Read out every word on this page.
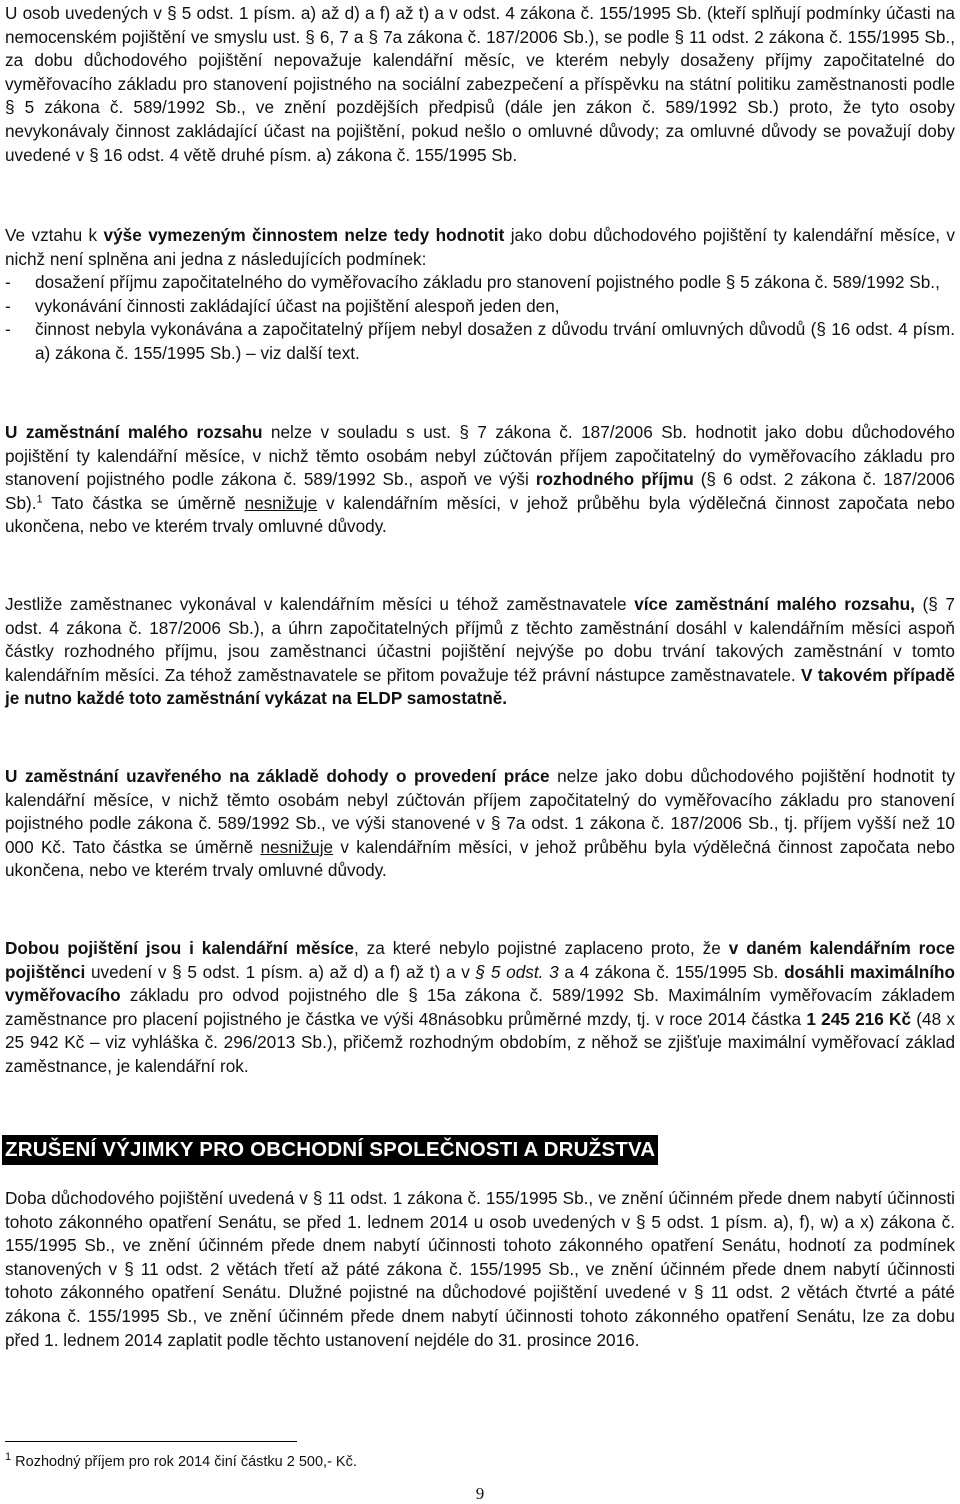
U osob uvedených v § 5 odst. 1 písm. a) až d) a f) až t) a v odst. 4 zákona č. 155/1995 Sb. (kteří splňují podmínky účasti na nemocenském pojištění ve smyslu ust. § 6, 7 a § 7a zákona č. 187/2006 Sb.), se podle § 11 odst. 2 zákona č. 155/1995 Sb., za dobu důchodového pojištění nepovažuje kalendářní měsíc, ve kterém nebyly dosaženy příjmy započitatelné do vyměřovacího základu pro stanovení pojistného na sociální zabezpečení a příspěvku na státní politiku zaměstnanosti podle § 5 zákona č. 589/1992 Sb., ve znění pozdějších předpisů (dále jen zákon č. 589/1992 Sb.) proto, že tyto osoby nevykonávaly činnost zakládající účast na pojištění, pokud nešlo o omluvné důvody; za omluvné důvody se považují doby uvedené v § 16 odst. 4 větě druhé písm. a) zákona č. 155/1995 Sb.

Ve vztahu k výše vymezeným činnostem nelze tedy hodnotit jako dobu důchodového pojištění ty kalendářní měsíce, v nichž není splněna ani jedna z následujících podmínek:
- dosažení příjmu započitatelného do vyměřovacího základu pro stanovení pojistného podle § 5 zákona č. 589/1992 Sb.,
- vykonávání činnosti zakládající účast na pojištění alespoň jeden den,
- činnost nebyla vykonávána a započitatelný příjem nebyl dosažen z důvodu trvání omluvných důvodů (§ 16 odst. 4 písm. a) zákona č. 155/1995 Sb.) – viz další text.

U zaměstnání malého rozsahu nelze v souladu s ust. § 7 zákona č. 187/2006 Sb. hodnotit jako dobu důchodového pojištění ty kalendářní měsíce, v nichž těmto osobám nebyl zúčtován příjem započitatelný do vyměřovacího základu pro stanovení pojistného podle zákona č. 589/1992 Sb., aspoň ve výši rozhodného příjmu (§ 6 odst. 2 zákona č. 187/2006 Sb).$^1$ Tato částka se úměrně nesnižuje v kalendářním měsíci, v jehož průběhu byla výdělečná činnost započata nebo ukončena, nebo ve kterém trvaly omluvné důvody.

Jestliže zaměstnanec vykonával v kalendářním měsíci u téhož zaměstnavatele více zaměstnání malého rozsahu, (§ 7 odst. 4 zákona č. 187/2006 Sb.), a úhrn započitatelných příjmů z těchto zaměstnání dosáhl v kalendářním měsíci aspoň částky rozhodného příjmu, jsou zaměstnanci účastni pojištění nejvýše po dobu trvání takových zaměstnání v tomto kalendářním měsíci. Za téhož zaměstnavatele se přitom považuje též právní nástupce zaměstnavatele. V takovém případě je nutno každé toto zaměstnání vykázat na ELDP samostatně.

U zaměstnání uzavřeného na základě dohody o provedení práce nelze jako dobu důchodového pojištění hodnotit ty kalendářní měsíce, v nichž těmto osobám nebyl zúčtován příjem započitatelný do vyměřovacího základu pro stanovení pojistného podle zákona č. 589/1992 Sb., ve výši stanovené v § 7a odst. 1 zákona č. 187/2006 Sb., tj. příjem vyšší než 10 000 Kč. Tato částka se úměrně nesnižuje v kalendářním měsíci, v jehož průběhu byla výdělečná činnost započata nebo ukončena, nebo ve kterém trvaly omluvné důvody.

Dobou pojištění jsou i kalendářní měsíce, za které nebylo pojistné zaplaceno proto, že v daném kalendářním roce pojištěnci uvedení v § 5 odst. 1 písm. a) až d) a f) až t) a v § 5 odst. 3 a 4 zákona č. 155/1995 Sb. dosáhli maximálního vyměřovacího základu pro odvod pojistného dle § 15a zákona č. 589/1992 Sb. Maximálním vyměřovacím základem zaměstnance pro placení pojistného je částka ve výši 48násobku průměrné mzdy, tj. v roce 2014 částka 1 245 216 Kč (48 x 25 942 Kč – viz vyhláška č. 296/2013 Sb.), přičemž rozhodným obdobím, z něhož se zjišťuje maximální vyměřovací základ zaměstnance, je kalendářní rok.

ZRUŠENÍ VÝJIMKY PRO OBCHODNÍ SPOLEČNOSTI A DRUŽSTVA

Doba důchodového pojištění uvedená v § 11 odst. 1 zákona č. 155/1995 Sb., ve znění účinném přede dnem nabytí účinnosti tohoto zákonného opatření Senátu, se před 1. lednem 2014 u osob uvedených v § 5 odst. 1 písm. a), f), w) a x) zákona č. 155/1995 Sb., ve znění účinném přede dnem nabytí účinnosti tohoto zákonného opatření Senátu, hodnotí za podmínek stanovených v § 11 odst. 2 větách třetí až páté zákona č. 155/1995 Sb., ve znění účinném přede dnem nabytí účinnosti tohoto zákonného opatření Senátu. Dlužné pojistné na důchodové pojištění uvedené v § 11 odst. 2 větách čtvrté a páté zákona č. 155/1995 Sb., ve znění účinném přede dnem nabytí účinnosti tohoto zákonného opatření Senátu, lze za dobu před 1. lednem 2014 zaplatit podle těchto ustanovení nejdéle do 31. prosince 2016.

$^1$ Rozhodný příjem pro rok 2014 činí částku 2 500,- Kč.
9
